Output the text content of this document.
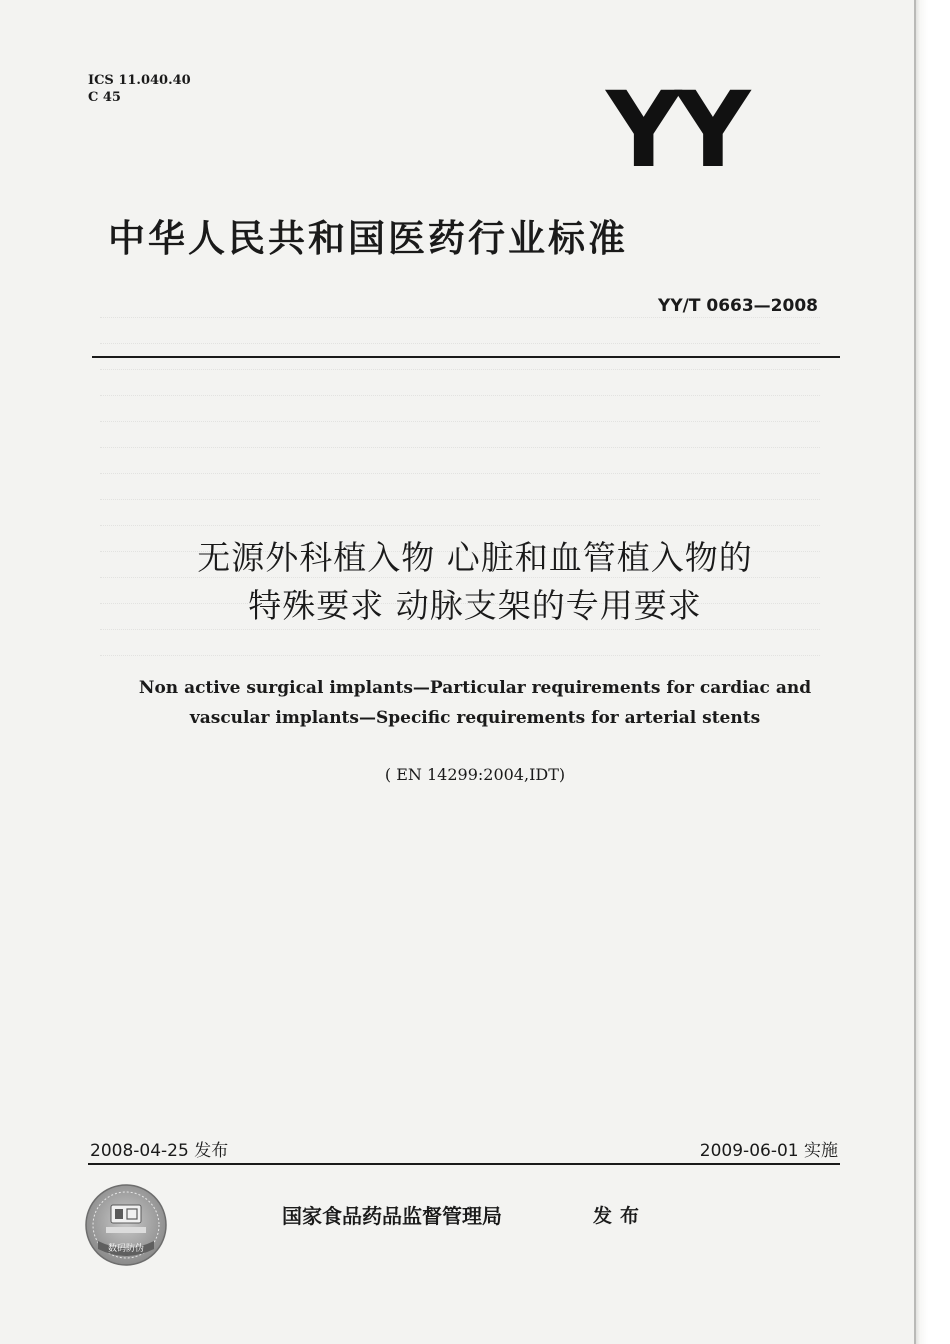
ICS 11.040.40
C 45	YY
中华人民共和国医药行业标准
YY/T 0663—2008
无源外科植入物 心脏和血管植入物的
特殊要求 动脉支架的专用要求
Non active surgical implants—Particular requirements for cardiac and
vascular implants—Specific requirements for arterial stents
( EN 14299:2004,IDT)
2008-04-25 发布	2009-06-01 实施
数码防伪
国家食品药品监督管理局	发布
